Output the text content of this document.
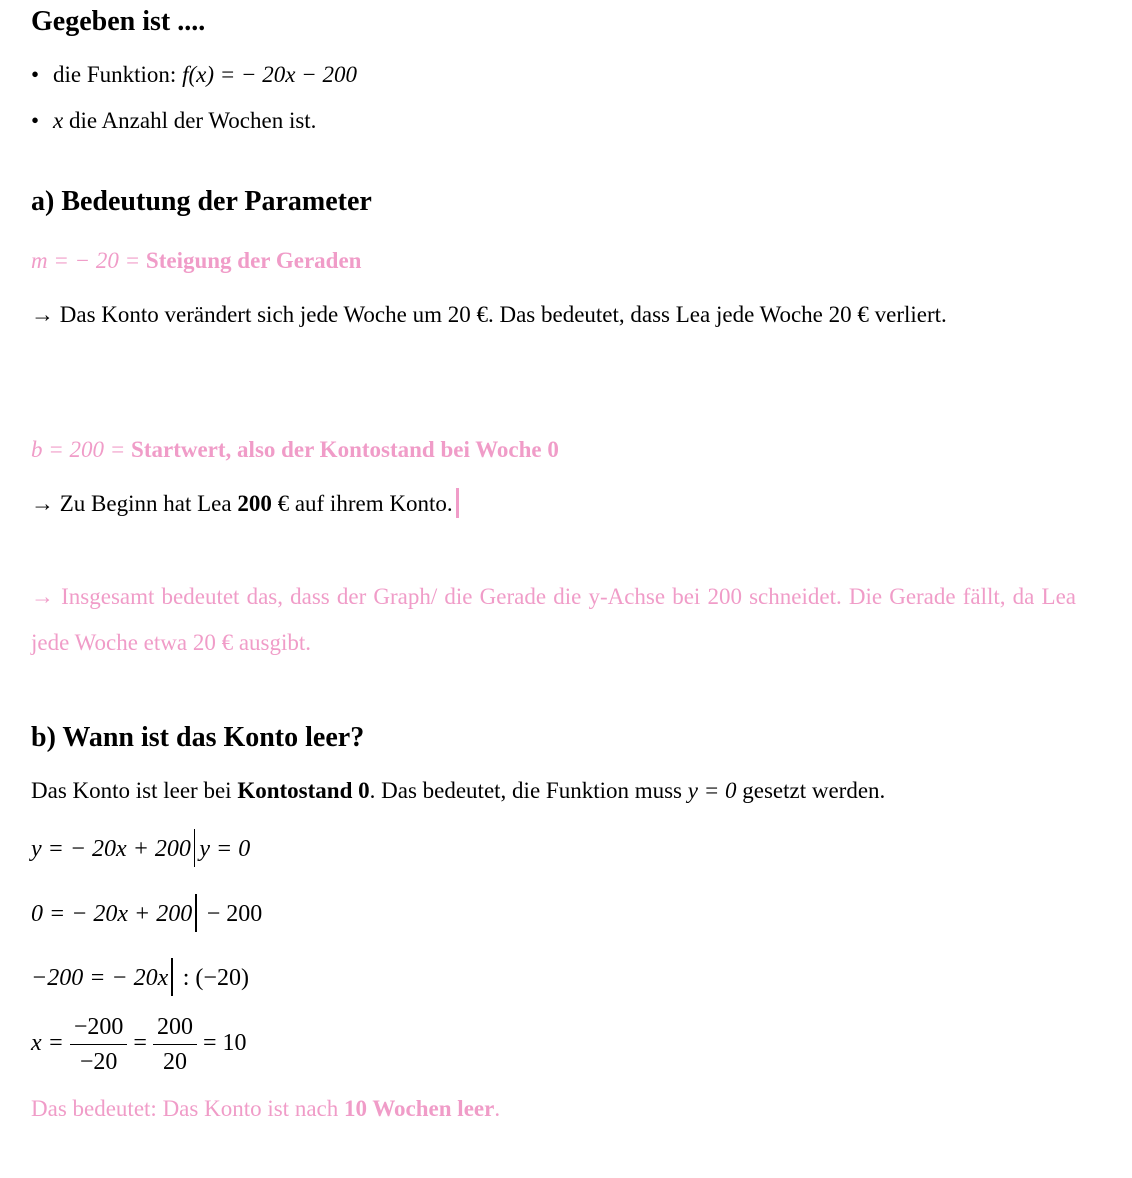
Gegeben ist ....
• die Funktion: f(x) = − 20x − 200
• x die Anzahl der Wochen ist.
a) Bedeutung der Parameter
m = − 20 = Steigung der Geraden
→ Das Konto verändert sich jede Woche um 20 €. Das bedeutet, dass Lea jede Woche 20 € verliert.
b = 200 = Startwert, also der Kontostand bei Woche 0
→ Zu Beginn hat Lea 200 € auf ihrem Konto.
→ Insgesamt bedeutet das, dass der Graph/ die Gerade die y-Achse bei 200 schneidet. Die Gerade fällt, da Lea jede Woche etwa 20 € ausgibt.
b) Wann ist das Konto leer?
Das Konto ist leer bei Kontostand 0. Das bedeutet, die Funktion muss y = 0 gesetzt werden.
y = − 20x + 200 y = 0
0 = − 20x + 200 − 200
−200 = − 20x : (−20)
$x = \frac{-200}{-20} = \frac{200}{20} = 10$
Das bedeutet: Das Konto ist nach 10 Wochen leer.
